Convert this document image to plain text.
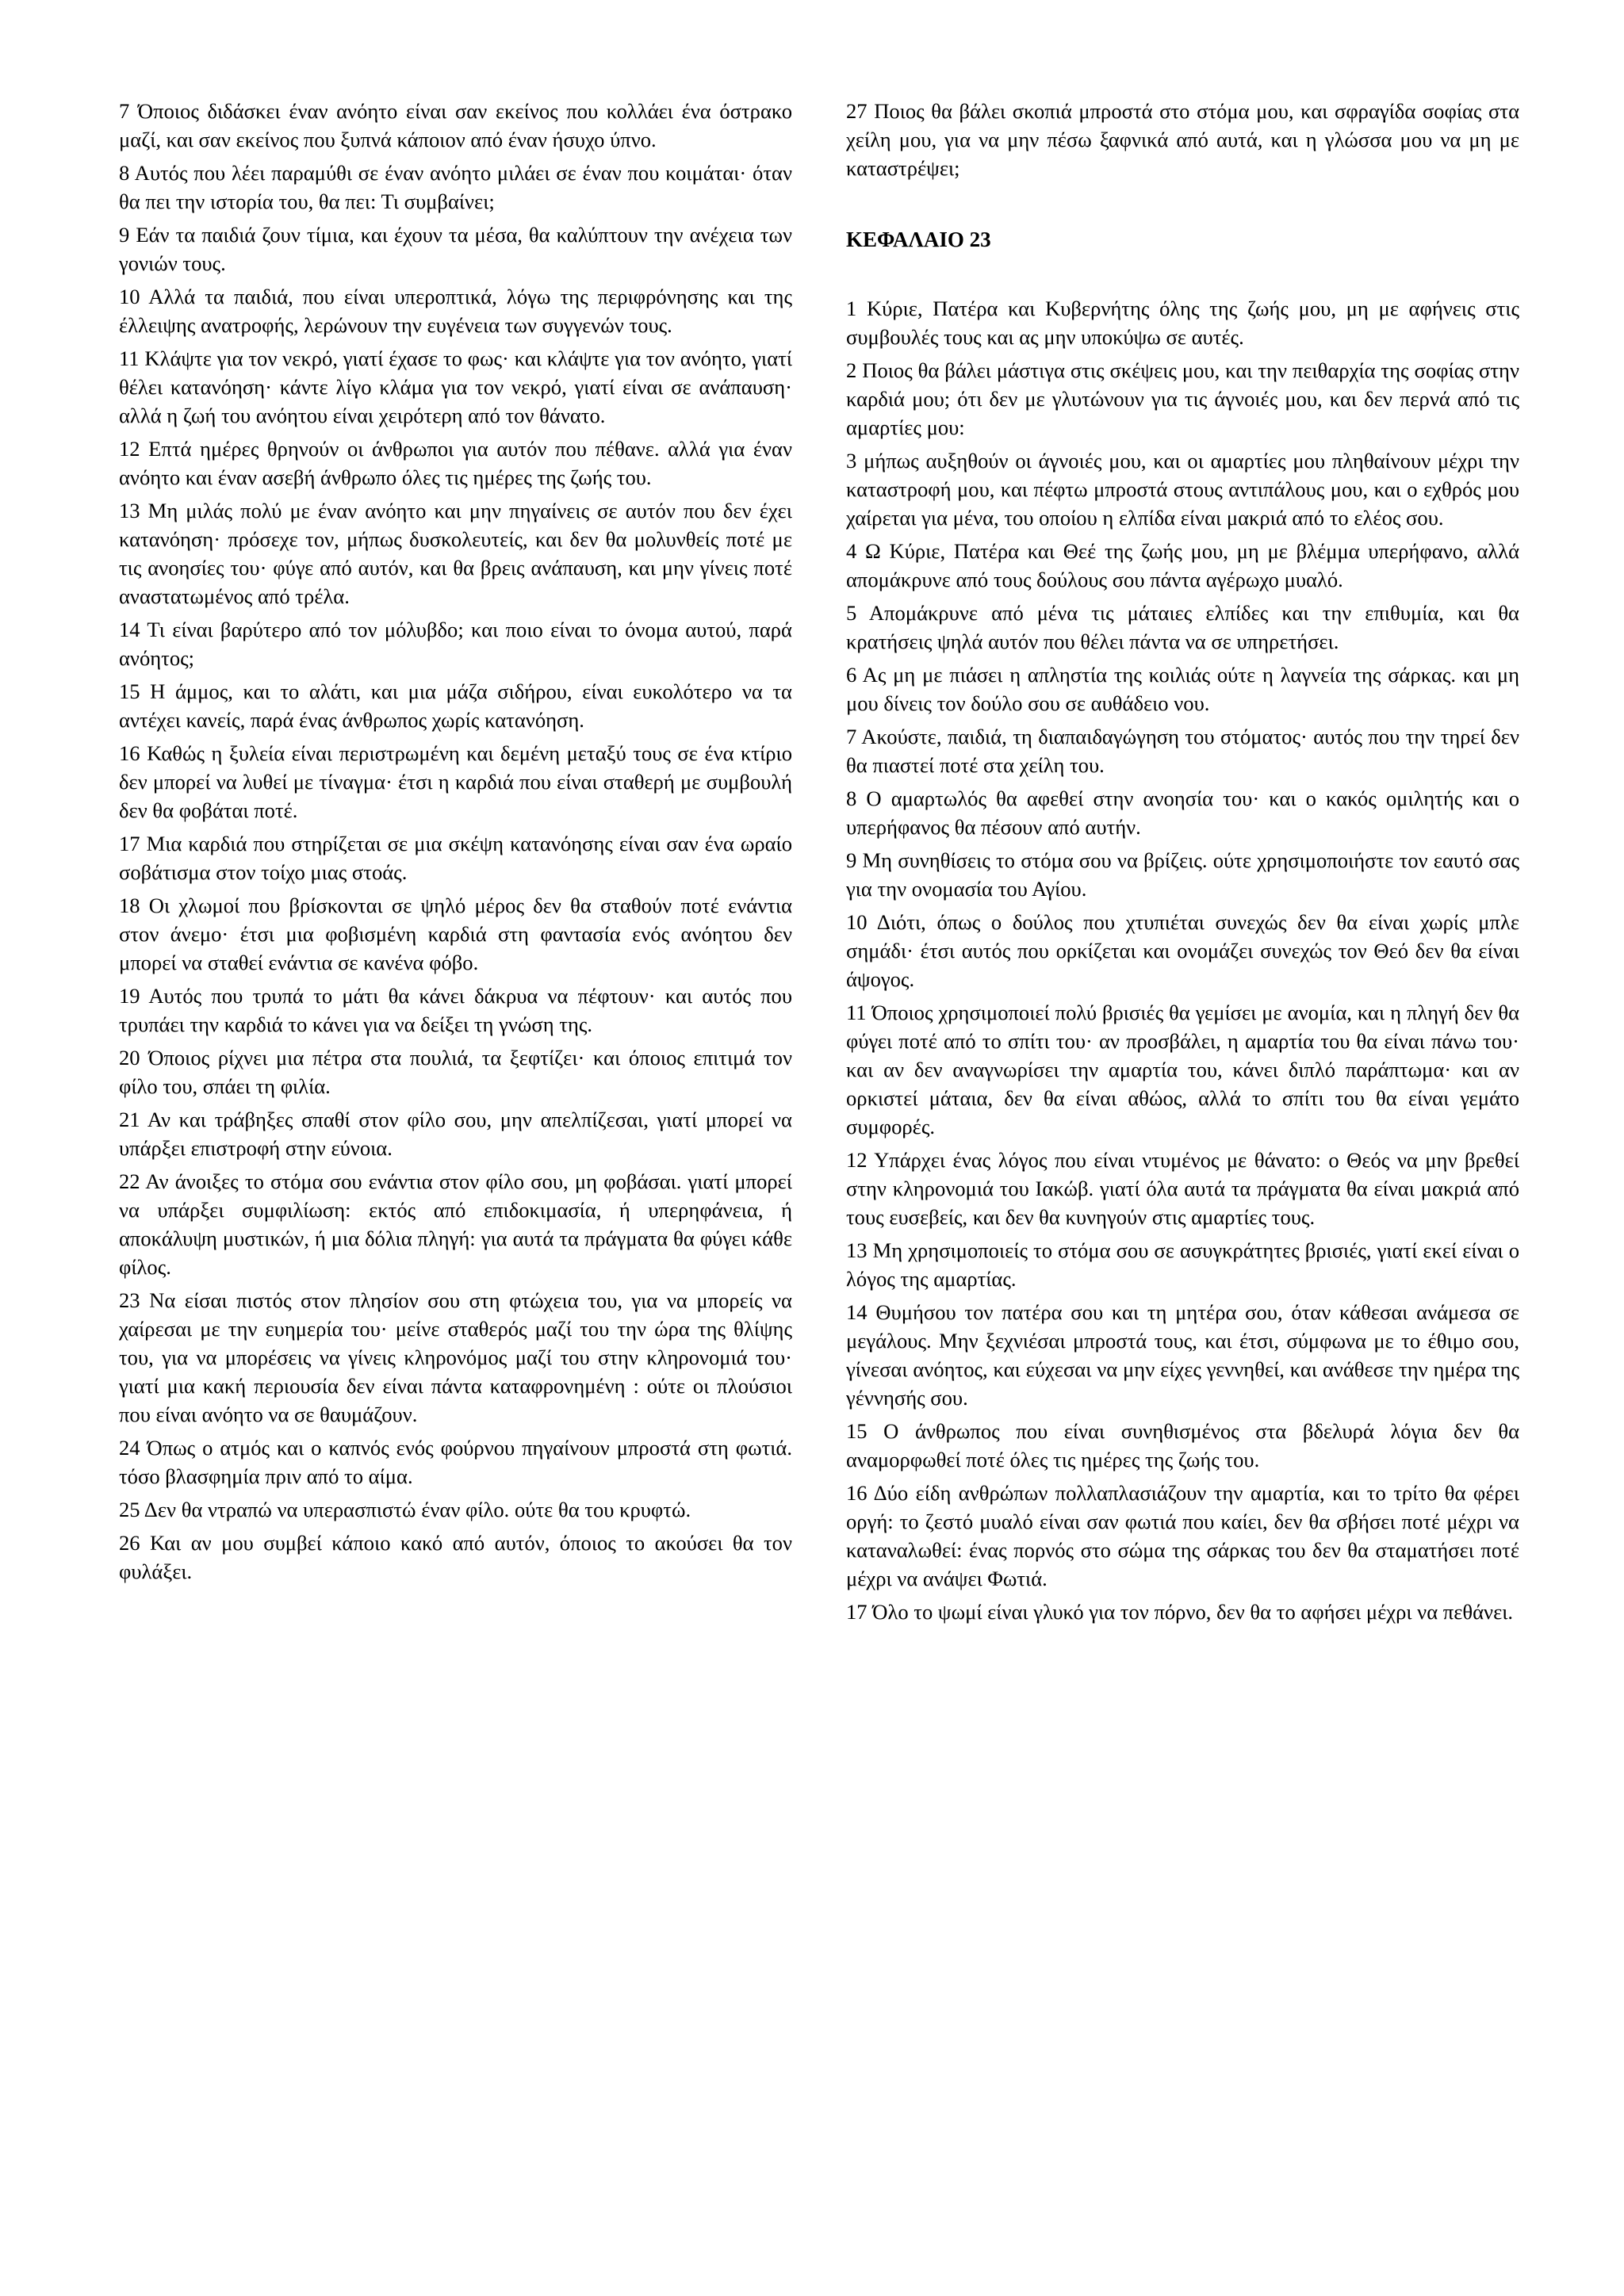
7 Όποιος διδάσκει έναν ανόητο είναι σαν εκείνος που κολλάει ένα όστρακο μαζί, και σαν εκείνος που ξυπνά κάποιον από έναν ήσυχο ύπνο.

8 Αυτός που λέει παραμύθι σε έναν ανόητο μιλάει σε έναν που κοιμάται· όταν θα πει την ιστορία του, θα πει: Τι συμβαίνει;

9 Εάν τα παιδιά ζουν τίμια, και έχουν τα μέσα, θα καλύπτουν την ανέχεια των γονιών τους.

10 Αλλά τα παιδιά, που είναι υπεροπτικά, λόγω της περιφρόνησης και της έλλειψης ανατροφής, λερώνουν την ευγένεια των συγγενών τους.

11 Κλάψτε για τον νεκρό, γιατί έχασε το φως· και κλάψτε για τον ανόητο, γιατί θέλει κατανόηση· κάντε λίγο κλάμα για τον νεκρό, γιατί είναι σε ανάπαυση· αλλά η ζωή του ανόητου είναι χειρότερη από τον θάνατο.

12 Επτά ημέρες θρηνούν οι άνθρωποι για αυτόν που πέθανε. αλλά για έναν ανόητο και έναν ασεβή άνθρωπο όλες τις ημέρες της ζωής του.

13 Μη μιλάς πολύ με έναν ανόητο και μην πηγαίνεις σε αυτόν που δεν έχει κατανόηση· πρόσεχε τον, μήπως δυσκολευτείς, και δεν θα μολυνθείς ποτέ με τις ανοησίες του· φύγε από αυτόν, και θα βρεις ανάπαυση, και μην γίνεις ποτέ αναστατωμένος από τρέλα.

14 Τι είναι βαρύτερο από τον μόλυβδο; και ποιο είναι το όνομα αυτού, παρά ανόητος;

15 Η άμμος, και το αλάτι, και μια μάζα σιδήρου, είναι ευκολότερο να τα αντέχει κανείς, παρά ένας άνθρωπος χωρίς κατανόηση.

16 Καθώς η ξυλεία είναι περιστρωμένη και δεμένη μεταξύ τους σε ένα κτίριο δεν μπορεί να λυθεί με τίναγμα· έτσι η καρδιά που είναι σταθερή με συμβουλή δεν θα φοβάται ποτέ.

17 Μια καρδιά που στηρίζεται σε μια σκέψη κατανόησης είναι σαν ένα ωραίο σοβάτισμα στον τοίχο μιας στοάς.

18 Οι χλωμοί που βρίσκονται σε ψηλό μέρος δεν θα σταθούν ποτέ ενάντια στον άνεμο· έτσι μια φοβισμένη καρδιά στη φαντασία ενός ανόητου δεν μπορεί να σταθεί ενάντια σε κανένα φόβο.

19 Αυτός που τρυπά το μάτι θα κάνει δάκρυα να πέφτουν· και αυτός που τρυπάει την καρδιά το κάνει για να δείξει τη γνώση της.

20 Όποιος ρίχνει μια πέτρα στα πουλιά, τα ξεφτίζει· και όποιος επιτιμά τον φίλο του, σπάει τη φιλία.

21 Αν και τράβηξες σπαθί στον φίλο σου, μην απελπίζεσαι, γιατί μπορεί να υπάρξει επιστροφή στην εύνοια.

22 Αν άνοιξες το στόμα σου ενάντια στον φίλο σου, μη φοβάσαι. γιατί μπορεί να υπάρξει συμφιλίωση: εκτός από επιδοκιμασία, ή υπερηφάνεια, ή αποκάλυψη μυστικών, ή μια δόλια πληγή: για αυτά τα πράγματα θα φύγει κάθε φίλος.

23 Να είσαι πιστός στον πλησίον σου στη φτώχεια του, για να μπορείς να χαίρεσαι με την ευημερία του· μείνε σταθερός μαζί του την ώρα της θλίψης του, για να μπορέσεις να γίνεις κληρονόμος μαζί του στην κληρονομιά του· γιατί μια κακή περιουσία δεν είναι πάντα καταφρονημένη : ούτε οι πλούσιοι που είναι ανόητο να σε θαυμάζουν.

24 Όπως ο ατμός και ο καπνός ενός φούρνου πηγαίνουν μπροστά στη φωτιά. τόσο βλασφημία πριν από το αίμα.

25 Δεν θα ντραπώ να υπερασπιστώ έναν φίλο. ούτε θα του κρυφτώ.

26 Και αν μου συμβεί κάποιο κακό από αυτόν, όποιος το ακούσει θα τον φυλάξει.

27 Ποιος θα βάλει σκοπιά μπροστά στο στόμα μου, και σφραγίδα σοφίας στα χείλη μου, για να μην πέσω ξαφνικά από αυτά, και η γλώσσα μου να μη με καταστρέψει;

ΚΕΦΑΛΑΙΟ 23

1 Κύριε, Πατέρα και Κυβερνήτης όλης της ζωής μου, μη με αφήνεις στις συμβουλές τους και ας μην υποκύψω σε αυτές.

2 Ποιος θα βάλει μάστιγα στις σκέψεις μου, και την πειθαρχία της σοφίας στην καρδιά μου; ότι δεν με γλυτώνουν για τις άγνοιές μου, και δεν περνά από τις αμαρτίες μου:

3 μήπως αυξηθούν οι άγνοιές μου, και οι αμαρτίες μου πληθαίνουν μέχρι την καταστροφή μου, και πέφτω μπροστά στους αντιπάλους μου, και ο εχθρός μου χαίρεται για μένα, του οποίου η ελπίδα είναι μακριά από το ελέος σου.

4 Ω Κύριε, Πατέρα και Θεέ της ζωής μου, μη με βλέμμα υπερήφανο, αλλά απομάκρυνε από τους δούλους σου πάντα αγέρωχο μυαλό.

5 Απομάκρυνε από μένα τις μάταιες ελπίδες και την επιθυμία, και θα κρατήσεις ψηλά αυτόν που θέλει πάντα να σε υπηρετήσει.

6 Ας μη με πιάσει η απληστία της κοιλιάς ούτε η λαγνεία της σάρκας. και μη μου δίνεις τον δούλο σου σε αυθάδειο νου.

7 Ακούστε, παιδιά, τη διαπαιδαγώγηση του στόματος· αυτός που την τηρεί δεν θα πιαστεί ποτέ στα χείλη του.

8 Ο αμαρτωλός θα αφεθεί στην ανοησία του· και ο κακός ομιλητής και ο υπερήφανος θα πέσουν από αυτήν.

9 Μη συνηθίσεις το στόμα σου να βρίζεις. ούτε χρησιμοποιήστε τον εαυτό σας για την ονομασία του Αγίου.

10 Διότι, όπως ο δούλος που χτυπιέται συνεχώς δεν θα είναι χωρίς μπλε σημάδι· έτσι αυτός που ορκίζεται και ονομάζει συνεχώς τον Θεό δεν θα είναι άψογος.

11 Όποιος χρησιμοποιεί πολύ βρισιές θα γεμίσει με ανομία, και η πληγή δεν θα φύγει ποτέ από το σπίτι του· αν προσβάλει, η αμαρτία του θα είναι πάνω του· και αν δεν αναγνωρίσει την αμαρτία του, κάνει διπλό παράπτωμα· και αν ορκιστεί μάταια, δεν θα είναι αθώος, αλλά το σπίτι του θα είναι γεμάτο συμφορές.

12 Υπάρχει ένας λόγος που είναι ντυμένος με θάνατο: ο Θεός να μην βρεθεί στην κληρονομιά του Ιακώβ. γιατί όλα αυτά τα πράγματα θα είναι μακριά από τους ευσεβείς, και δεν θα κυνηγούν στις αμαρτίες τους.

13 Μη χρησιμοποιείς το στόμα σου σε ασυγκράτητες βρισιές, γιατί εκεί είναι ο λόγος της αμαρτίας.

14 Θυμήσου τον πατέρα σου και τη μητέρα σου, όταν κάθεσαι ανάμεσα σε μεγάλους. Μην ξεχνιέσαι μπροστά τους, και έτσι, σύμφωνα με το έθιμο σου, γίνεσαι ανόητος, και εύχεσαι να μην είχες γεννηθεί, και ανάθεσε την ημέρα της γέννησής σου.

15 Ο άνθρωπος που είναι συνηθισμένος στα βδελυρά λόγια δεν θα αναμορφωθεί ποτέ όλες τις ημέρες της ζωής του.

16 Δύο είδη ανθρώπων πολλαπλασιάζουν την αμαρτία, και το τρίτο θα φέρει οργή: το ζεστό μυαλό είναι σαν φωτιά που καίει, δεν θα σβήσει ποτέ μέχρι να καταναλωθεί: ένας πορνός στο σώμα της σάρκας του δεν θα σταματήσει ποτέ μέχρι να ανάψει Φωτιά.

17 Όλο το ψωμί είναι γλυκό για τον πόρνο, δεν θα το αφήσει μέχρι να πεθάνει.
